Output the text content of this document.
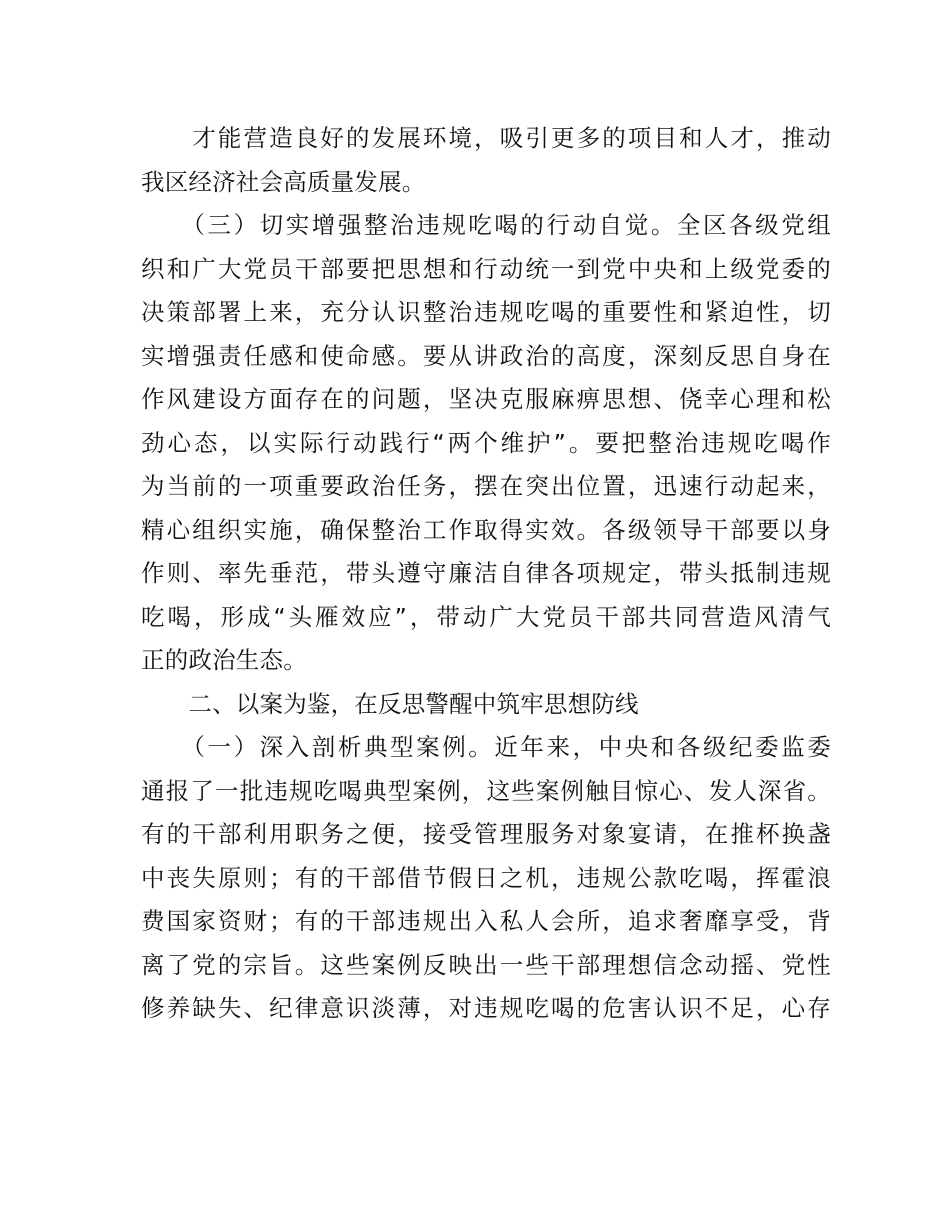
　　才能营造良好的发展环境，吸引更多的项目和人才，推动
我区经济社会高质量发展。
　　（三）切实增强整治违规吃喝的行动自觉。全区各级党组
织和广大党员干部要把思想和行动统一到党中央和上级党委的
决策部署上来，充分认识整治违规吃喝的重要性和紧迫性，切
实增强责任感和使命感。要从讲政治的高度，深刻反思自身在
作风建设方面存在的问题，坚决克服麻痹思想、侥幸心理和松
劲心态，以实际行动践行“两个维护”。要把整治违规吃喝作
为当前的一项重要政治任务，摆在突出位置，迅速行动起来，
精心组织实施，确保整治工作取得实效。各级领导干部要以身
作则、率先垂范，带头遵守廉洁自律各项规定，带头抵制违规
吃喝，形成“头雁效应”，带动广大党员干部共同营造风清气
正的政治生态。
　　二、以案为鉴，在反思警醒中筑牢思想防线
　　（一）深入剖析典型案例。近年来，中央和各级纪委监委
通报了一批违规吃喝典型案例，这些案例触目惊心、发人深省。
有的干部利用职务之便，接受管理服务对象宴请，在推杯换盏
中丧失原则；有的干部借节假日之机，违规公款吃喝，挥霍浪
费国家资财；有的干部违规出入私人会所，追求奢靡享受，背
离了党的宗旨。这些案例反映出一些干部理想信念动摇、党性
修养缺失、纪律意识淡薄，对违规吃喝的危害认识不足，心存
